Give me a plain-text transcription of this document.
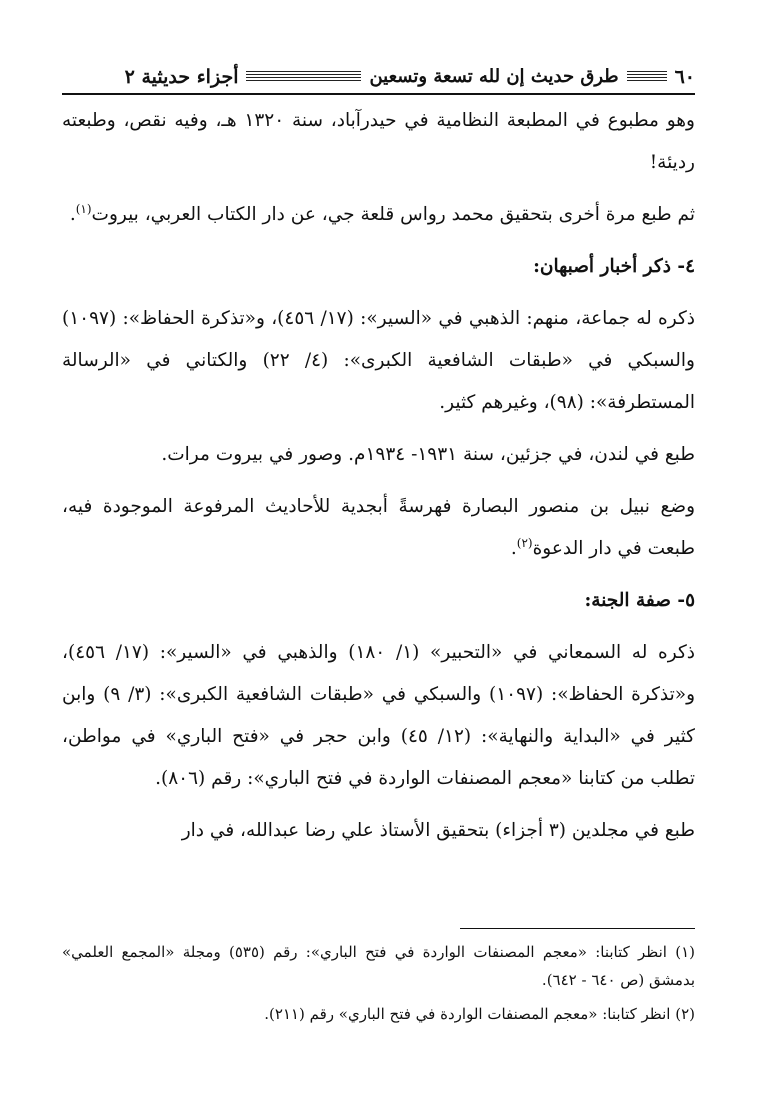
٦٠
طرق حديث إن لله تسعة وتسعين
أجزاء حديثية ٢

وهو مطبوع في المطبعة النظامية في حيدرآباد، سنة ١٣٢٠ هـ، وفيه نقص، وطبعته رديئة!

ثم طبع مرة أخرى بتحقيق محمد رواس قلعة جي، عن دار الكتاب العربي، بيروت$^{(١)}$.

٤- ذكر أخبار أصبهان:

ذكره له جماعة، منهم: الذهبي في «السير»: (١٧/ ٤٥٦)، و«تذكرة الحفاظ»: (١٠٩٧) والسبكي في «طبقات الشافعية الكبرى»: (٤/ ٢٢) والكتاني في «الرسالة المستطرفة»: (٩٨)، وغيرهم كثير.

طبع في لندن، في جزئين، سنة ١٩٣١- ١٩٣٤م. وصور في بيروت مرات.

وضع نبيل بن منصور البصارة فهرسةً أبجدية للأحاديث المرفوعة الموجودة فيه، طبعت في دار الدعوة$^{(٢)}$.

٥- صفة الجنة:

ذكره له السمعاني في «التحبير» (١/ ١٨٠) والذهبي في «السير»: (١٧/ ٤٥٦)، و«تذكرة الحفاظ»: (١٠٩٧) والسبكي في «طبقات الشافعية الكبرى»: (٣/ ٩) وابن كثير في «البداية والنهاية»: (١٢/ ٤٥) وابن حجر في «فتح الباري» في مواطن، تطلب من كتابنا «معجم المصنفات الواردة في فتح الباري»: رقم (٨٠٦).

طبع في مجلدين (٣ أجزاء) بتحقيق الأستاذ علي رضا عبدالله، في دار

(١) انظر كتابنا: «معجم المصنفات الواردة في فتح الباري»: رقم (٥٣٥) ومجلة «المجمع العلمي» بدمشق (ص ٦٤٠ - ٦٤٢).

(٢) انظر كتابنا: «معجم المصنفات الواردة في فتح الباري» رقم (٢١١).
